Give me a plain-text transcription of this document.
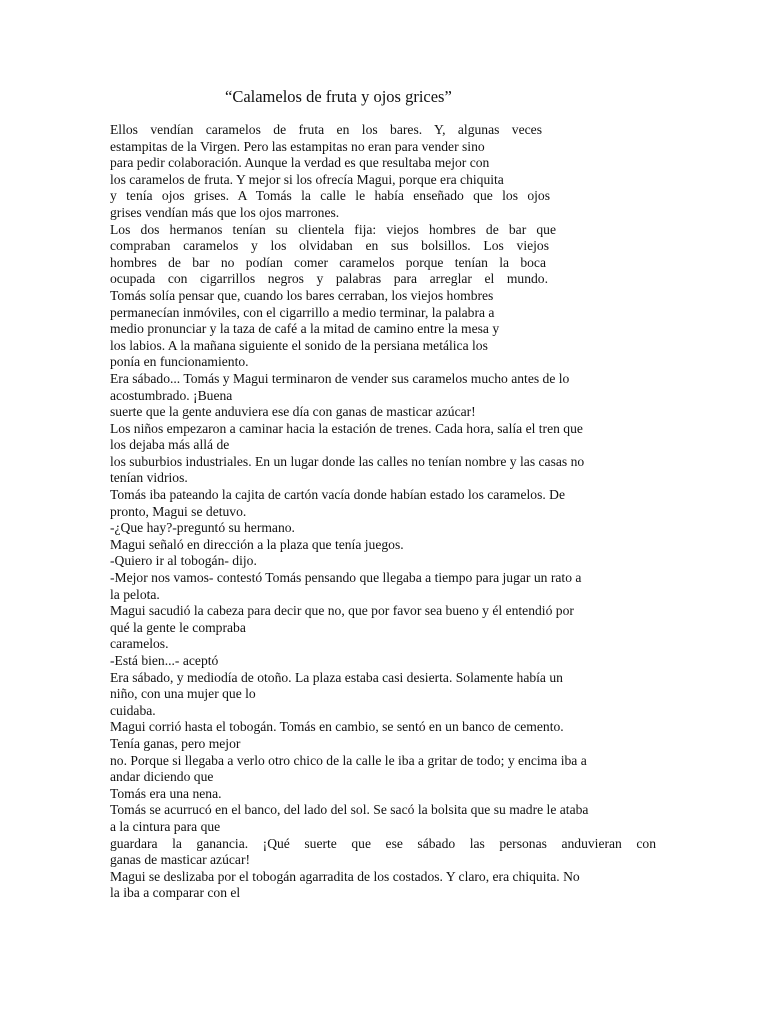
“Calamelos de fruta y ojos grices”
Ellos vendían caramelos de fruta en los bares. Y, algunas veces
estampitas de la Virgen. Pero las estampitas no eran para vender sino
para pedir colaboración. Aunque la verdad es que resultaba mejor con
los caramelos de fruta. Y mejor si los ofrecía Magui, porque era chiquita
y tenía ojos grises. A Tomás la calle le había enseñado que los ojos
grises vendían más que los ojos marrones.
Los dos hermanos tenían su clientela fija: viejos hombres de bar que
compraban caramelos y los olvidaban en sus bolsillos. Los viejos
hombres de bar no podían comer caramelos porque tenían la boca
ocupada con cigarrillos negros y palabras para arreglar el mundo.
Tomás solía pensar que, cuando los bares cerraban, los viejos hombres
permanecían inmóviles, con el cigarrillo a medio terminar, la palabra a
medio pronunciar y la taza de café a la mitad de camino entre la mesa y
los labios. A la mañana siguiente el sonido de la persiana metálica los
ponía en funcionamiento.
Era sábado... Tomás y Magui terminaron de vender sus caramelos mucho antes de lo
acostumbrado. ¡Buena
suerte que la gente anduviera ese día con ganas de masticar azúcar!
Los niños empezaron a caminar hacia la estación de trenes. Cada hora, salía el tren que
los dejaba más allá de
los suburbios industriales. En un lugar donde las calles no tenían nombre y las casas no
tenían vidrios.
Tomás iba pateando la cajita de cartón vacía donde habían estado los caramelos. De
pronto, Magui se detuvo.
-¿Que hay?-preguntó su hermano.
Magui señaló en dirección a la plaza que tenía juegos.
-Quiero ir al tobogán- dijo.
-Mejor nos vamos- contestó Tomás pensando que llegaba a tiempo para jugar un rato a
la pelota.
Magui sacudió la cabeza para decir que no, que por favor sea bueno y él entendió por
qué la gente le compraba
caramelos.
-Está bien...- aceptó
Era sábado, y mediodía de otoño. La plaza estaba casi desierta. Solamente había un
niño, con una mujer que lo
cuidaba.
Magui corrió hasta el tobogán. Tomás en cambio, se sentó en un banco de cemento.
Tenía ganas, pero mejor
no. Porque si llegaba a verlo otro chico de la calle le iba a gritar de todo; y encima iba a
andar diciendo que
Tomás era una nena.
Tomás se acurrucó en el banco, del lado del sol. Se sacó la bolsita que su madre le ataba
a la cintura para que
guardara la ganancia. ¡Qué suerte que ese sábado las personas anduvieran con
ganas de masticar azúcar!
Magui se deslizaba por el tobogán agarradita de los costados. Y claro, era chiquita. No
la iba a comparar con el
